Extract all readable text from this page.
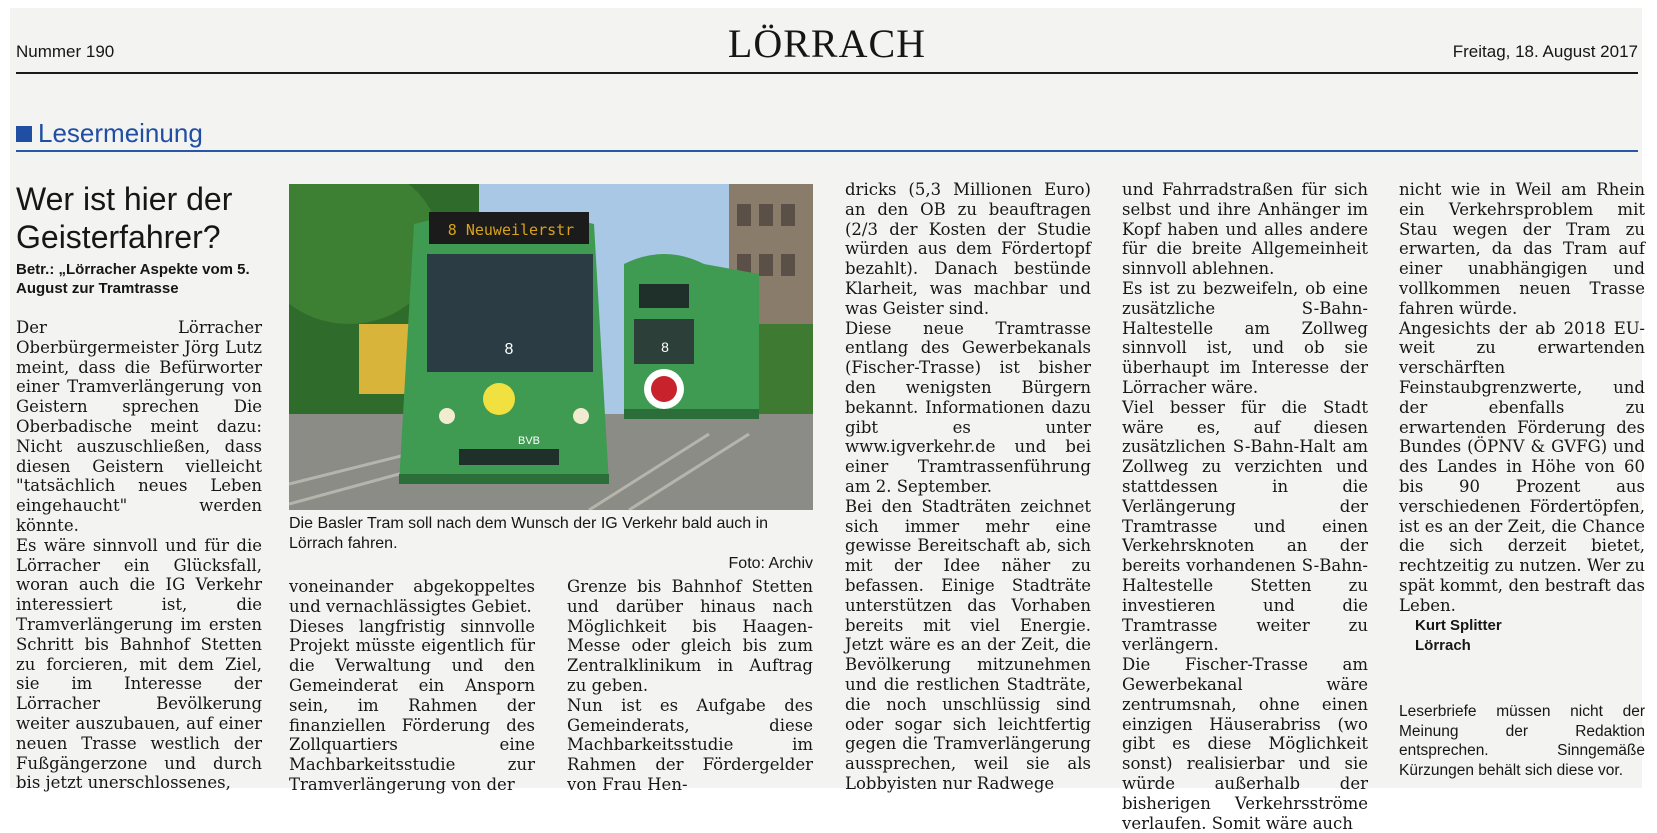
Nummer 190	LÖRRACH	Freitag, 18. August 2017
Lesermeinung
Wer ist hier der Geisterfahrer?
Betr.: „Lörracher Aspekte vom 5. August zur Tramtrasse

Der Lörracher Oberbürgermeister Jörg Lutz meint, dass die Befürworter einer Tramverlängerung von Geistern sprechen Die Oberbadische meint dazu: Nicht auszuschließen, dass diesen Geistern vielleicht "tatsächlich neues Leben eingehaucht" werden könnte.

Es wäre sinnvoll und für die Lörracher ein Glücksfall, woran auch die IG Verkehr interessiert ist, die Tramverlängerung im ersten Schritt bis Bahnhof Stetten zu forcieren, mit dem Ziel, sie im Interesse der Lörracher Bevölkerung weiter auszubauen, auf einer neuen Trasse westlich der Fußgängerzone und durch bis jetzt unerschlossenes,

8
8 Neuweilerstr
8
BVB
Die Basler Tram soll nach dem Wunsch der IG Verkehr bald auch in Lörrach fahren.
Foto: Archiv

voneinander abgekoppeltes und vernachlässigtes Gebiet.

Dieses langfristig sinnvolle Projekt müsste eigentlich für die Verwaltung und den Gemeinderat ein Ansporn sein, im Rahmen der finanziellen Förderung des Zollquartiers eine Machbarkeitsstudie zur Tramverlängerung von der

Grenze bis Bahnhof Stetten und darüber hinaus nach Möglichkeit bis Haagen-Messe oder gleich bis zum Zentralklinikum in Auftrag zu geben.

Nun ist es Aufgabe des Gemeinderats, diese Machbarkeitsstudie im Rahmen der Fördergelder von Frau Hen-

dricks (5,3 Millionen Euro) an den OB zu beauftragen (2/3 der Kosten der Studie würden aus dem Fördertopf bezahlt). Danach bestünde Klarheit, was machbar und was Geister sind.

Diese neue Tramtrasse entlang des Gewerbekanals (Fischer-Trasse) ist bisher den wenigsten Bürgern bekannt. Informationen dazu gibt es unter www.igverkehr.de und bei einer Tramtrassenführung am 2. September.

Bei den Stadträten zeichnet sich immer mehr eine gewisse Bereitschaft ab, sich mit der Idee näher zu befassen. Einige Stadträte unterstützen das Vorhaben bereits mit viel Energie. Jetzt wäre es an der Zeit, die Bevölkerung mitzunehmen und die restlichen Stadträte, die noch unschlüssig sind oder sogar sich leichtfertig gegen die Tramverlängerung aussprechen, weil sie als Lobbyisten nur Radwege

und Fahrradstraßen für sich selbst und ihre Anhänger im Kopf haben und alles andere für die breite Allgemeinheit sinnvoll ablehnen.

Es ist zu bezweifeln, ob eine zusätzliche S-Bahn-Haltestelle am Zollweg sinnvoll ist, und ob sie überhaupt im Interesse der Lörracher wäre.

Viel besser für die Stadt wäre es, auf diesen zusätzlichen S-Bahn-Halt am Zollweg zu verzichten und stattdessen in die Verlängerung der Tramtrasse und einen Verkehrsknoten an der bereits vorhandenen S-Bahn-Haltestelle Stetten zu investieren und die Tramtrasse weiter zu verlängern.

Die Fischer-Trasse am Gewerbekanal wäre zentrumsnah, ohne einen einzigen Häuserabriss (wo gibt es diese Möglichkeit sonst) realisierbar und sie würde außerhalb der bisherigen Verkehrsströme verlaufen. Somit wäre auch

nicht wie in Weil am Rhein ein Verkehrsproblem mit Stau wegen der Tram zu erwarten, da das Tram auf einer unabhängigen und vollkommen neuen Trasse fahren würde.

Angesichts der ab 2018 EU-weit zu erwartenden verschärften Feinstaubgrenzwerte, und der ebenfalls zu erwartenden Förderung des Bundes (ÖPNV & GVFG) und des Landes in Höhe von 60 bis 90 Prozent aus verschiedenen Fördertöpfen, ist es an der Zeit, die Chance die sich derzeit bietet, rechtzeitig zu nutzen. Wer zu spät kommt, den bestraft das Leben.

Kurt Splitter
Lörrach
Leserbriefe müssen nicht der Meinung der Redaktion entsprechen. Sinngemäße Kürzungen behält sich diese vor.
